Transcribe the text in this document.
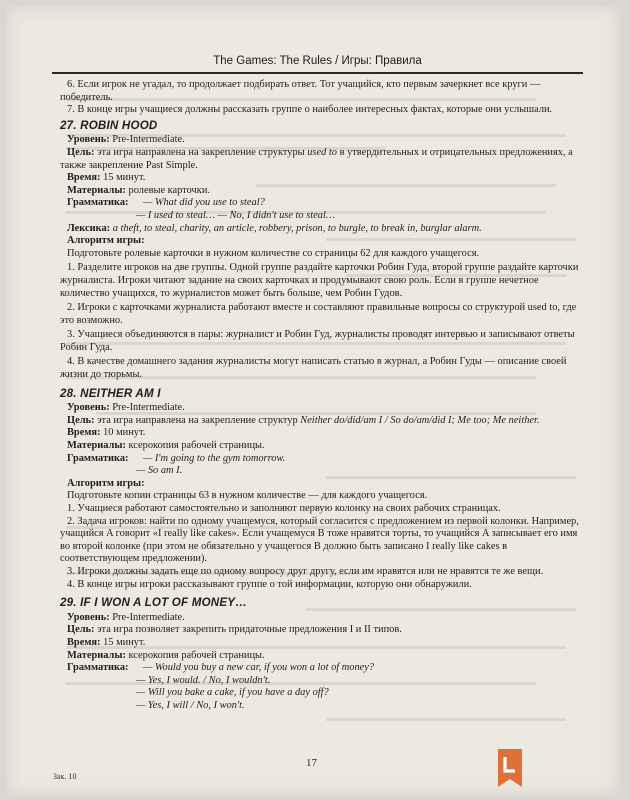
The Games: The Rules / Игры: Правила

6. Если игрок не угадал, то продолжает подбирать ответ. Тот учащийся, кто первым зачеркнет все круги — победитель.

7. В конце игры учащиеся должны рассказать группе о наиболее интересных фактах, которые они услышали.

27. ROBIN HOOD

Уровень: Pre-Intermediate.

Цель: эта игра направлена на закрепление структуры used to в утвердительных и отрицательных предложениях, а также закрепление Past Simple.

Время: 15 минут.

Материалы: ролевые карточки.

Грамматика:	— What did you use to steal?
— I used to steal… — No, I didn't use to steal…

Лексика: a theft, to steal, charity, an article, robbery, prison, to burgle, to break in, burglar alarm.

Алгоритм игры:

Подготовьте ролевые карточки в нужном количестве со страницы 62 для каждого учащегося.

1. Разделите игроков на две группы. Одной группе раздайте карточки Робин Гуда, второй группе раздайте карточки журналиста. Игроки читают задание на своих карточках и продумывают свою роль. Если в группе нечетное количество учащихся, то журналистов может быть больше, чем Робин Гудов.

2. Игроки с карточками журналиста работают вместе и составляют правильные вопросы со структурой used to, где это возможно.

3. Учащиеся объединяются в пары: журналист и Робин Гуд, журналисты проводят интервью и записывают ответы Робин Гуда.

4. В качестве домашнего задания журналисты могут написать статью в журнал, а Робин Гуды — описание своей жизни до тюрьмы.

28. NEITHER AM I

Уровень: Pre-Intermediate.

Цель: эта игра направлена на закрепление структур Neither do/did/am I / So do/am/did I; Me too; Me neither.

Время: 10 минут.

Материалы: ксерокопия рабочей страницы.

Грамматика:	— I'm going to the gym tomorrow.
— So am I.

Алгоритм игры:

Подготовьте копии страницы 63 в нужном количестве — для каждого учащегося.

1. Учащиеся работают самостоятельно и заполняют первую колонку на своих рабочих страницах.

2. Задача игроков: найти по одному учащемуся, который согласится с предложением из первой колонки. Например, учащийся A говорит «I really like cakes». Если учащемуся B тоже нравятся торты, то учащийся A записывает его имя во второй колонке (при этом не обязательно у учащегося B должно быть записано I really like cakes в соответствующем предложении).

3. Игроки должны задать еще по одному вопросу друг другу, если им нравятся или не нравятся те же вещи.

4. В конце игры игроки рассказывают группе о той информации, которую они обнаружили.

29. IF I WON A LOT OF MONEY…

Уровень: Pre-Intermediate.

Цель: эта игра позволяет закрепить придаточные предложения I и II типов.

Время: 15 минут.

Материалы: ксерокопия рабочей страницы.

Грамматика:	— Would you buy a new car, if you won a lot of money?
— Yes, I would. / No, I wouldn't.
— Will you bake a cake, if you have a day off?
— Yes, I will / No, I won't.
17
Зак. 10
